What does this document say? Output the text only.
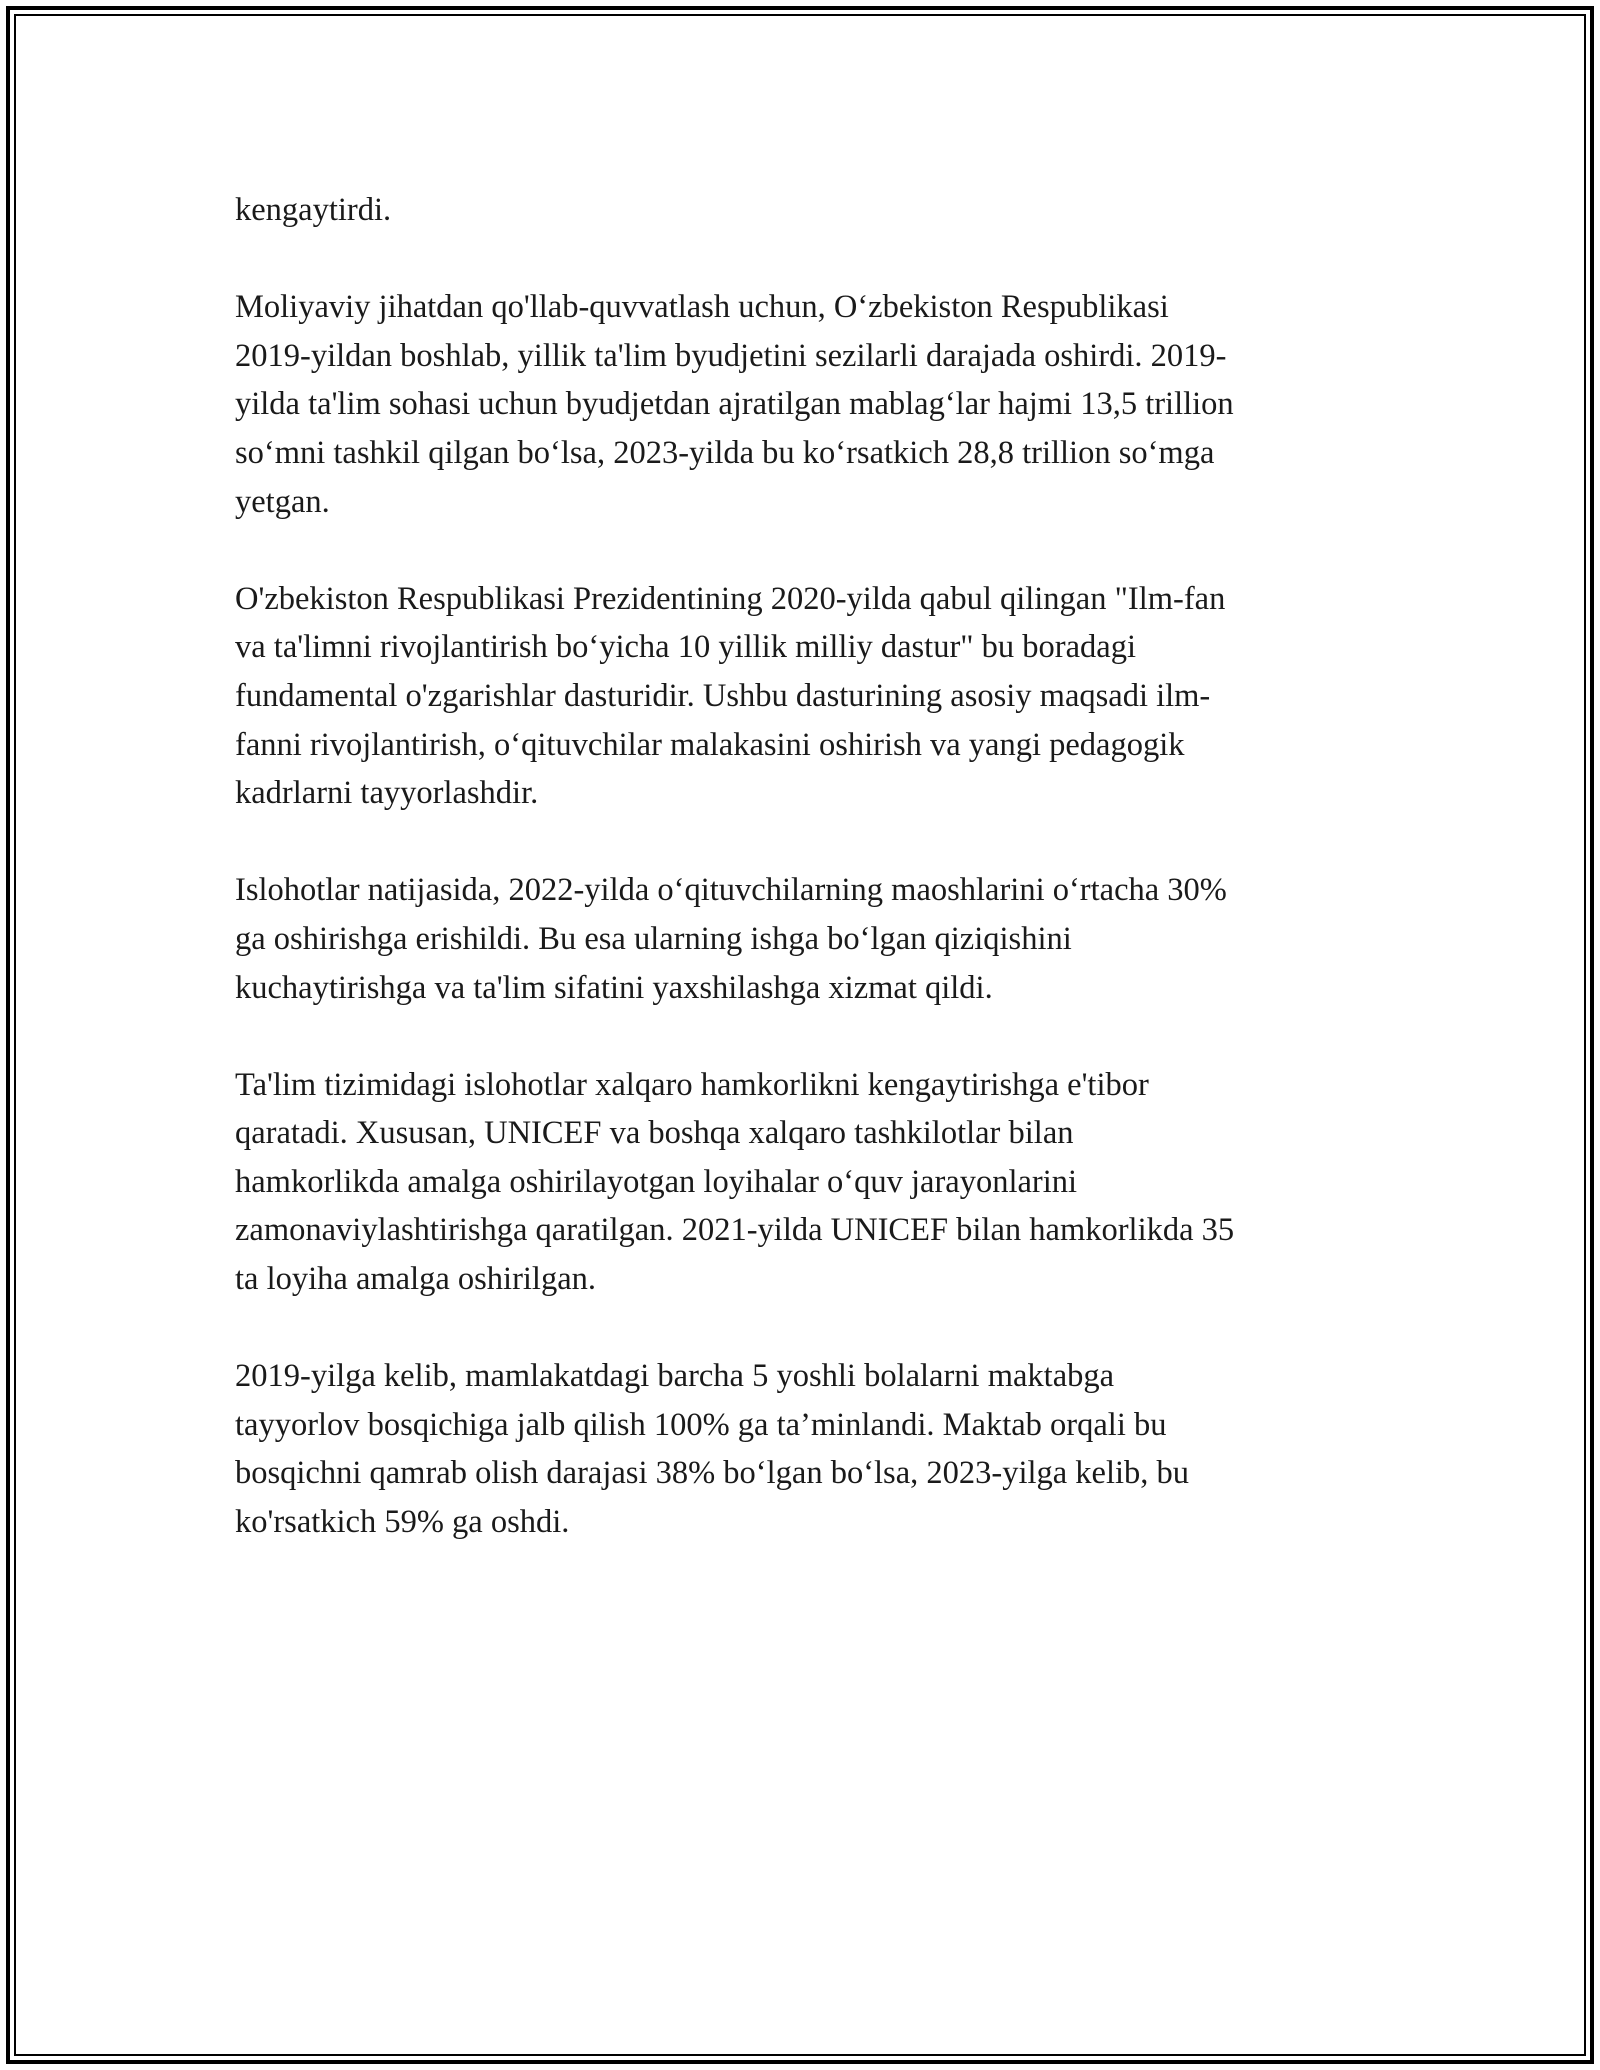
kengaytirdi.

Moliyaviy jihatdan qo'llab-quvvatlash uchun, O‘zbekiston Respublikasi
2019-yildan boshlab, yillik ta'lim byudjetini sezilarli darajada oshirdi. 2019-
yilda ta'lim sohasi uchun byudjetdan ajratilgan mablag‘lar hajmi 13,5 trillion
so‘mni tashkil qilgan bo‘lsa, 2023-yilda bu ko‘rsatkich 28,8 trillion so‘mga
yetgan.

O'zbekiston Respublikasi Prezidentining 2020-yilda qabul qilingan "Ilm-fan
va ta'limni rivojlantirish bo‘yicha 10 yillik milliy dastur" bu boradagi
fundamental o'zgarishlar dasturidir. Ushbu dasturining asosiy maqsadi ilm-
fanni rivojlantirish, o‘qituvchilar malakasini oshirish va yangi pedagogik
kadrlarni tayyorlashdir.

Islohotlar natijasida, 2022-yilda o‘qituvchilarning maoshlarini o‘rtacha 30%
ga oshirishga erishildi. Bu esa ularning ishga bo‘lgan qiziqishini
kuchaytirishga va ta'lim sifatini yaxshilashga xizmat qildi.

Ta'lim tizimidagi islohotlar xalqaro hamkorlikni kengaytirishga e'tibor
qaratadi. Xususan, UNICEF va boshqa xalqaro tashkilotlar bilan
hamkorlikda amalga oshirilayotgan loyihalar o‘quv jarayonlarini
zamonaviylashtirishga qaratilgan. 2021-yilda UNICEF bilan hamkorlikda 35
ta loyiha amalga oshirilgan.

2019-yilga kelib, mamlakatdagi barcha 5 yoshli bolalarni maktabga
tayyorlov bosqichiga jalb qilish 100% ga ta’minlandi. Maktab orqali bu
bosqichni qamrab olish darajasi 38% bo‘lgan bo‘lsa, 2023-yilga kelib, bu
ko'rsatkich 59% ga oshdi.
